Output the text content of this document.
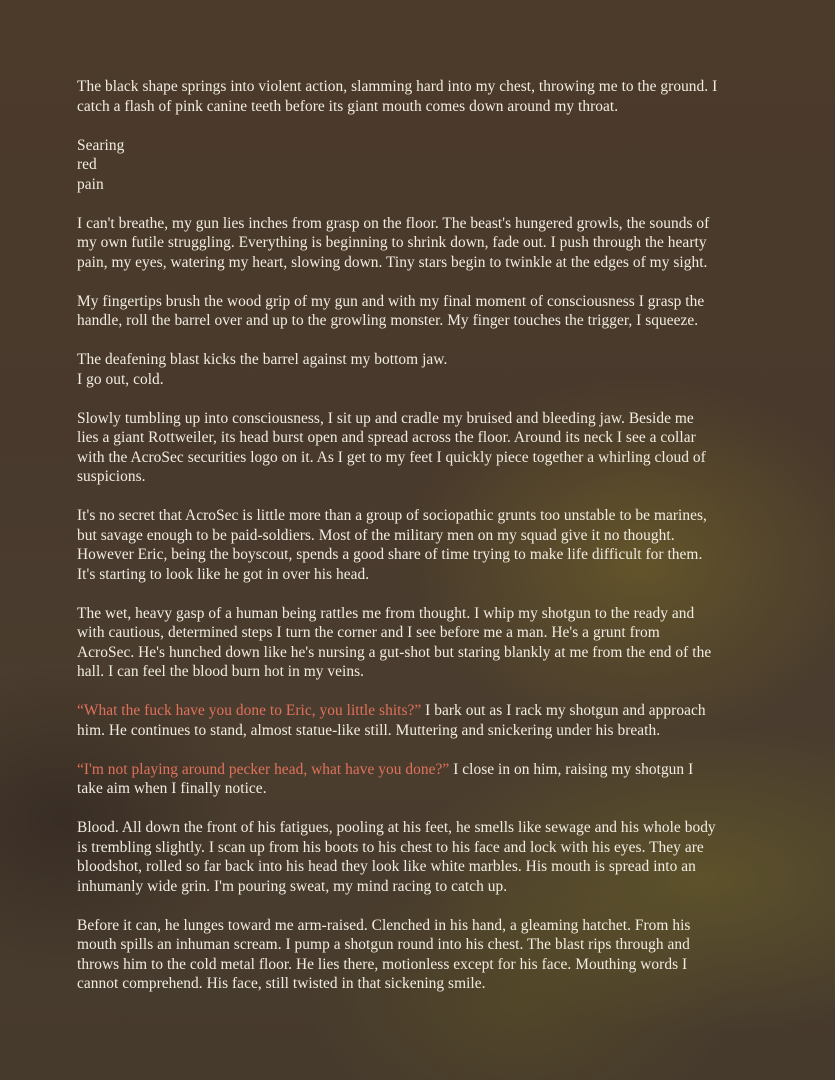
The black shape springs into violent action, slamming hard into my chest, throwing me to the ground. I
catch a flash of pink canine teeth before its giant mouth comes down around my throat.

Searing
red
pain

I can't breathe, my gun lies inches from grasp on the floor. The beast's hungered growls, the sounds of
my own futile struggling. Everything is beginning to shrink down, fade out. I push through the hearty
pain, my eyes, watering my heart, slowing down. Tiny stars begin to twinkle at the edges of my sight.

My fingertips brush the wood grip of my gun and with my final moment of consciousness I grasp the
handle, roll the barrel over and up to the growling monster. My finger touches the trigger, I squeeze.

The deafening blast kicks the barrel against my bottom jaw.
I go out, cold.

Slowly tumbling up into consciousness, I sit up and cradle my bruised and bleeding jaw. Beside me
lies a giant Rottweiler, its head burst open and spread across the floor. Around its neck I see a collar
with the AcroSec securities logo on it. As I get to my feet I quickly piece together a whirling cloud of
suspicions.

It's no secret that AcroSec is little more than a group of sociopathic grunts too unstable to be marines,
but savage enough to be paid-soldiers. Most of the military men on my squad give it no thought.
However Eric, being the boyscout, spends a good share of time trying to make life difficult for them.
It's starting to look like he got in over his head.

The wet, heavy gasp of a human being rattles me from thought. I whip my shotgun to the ready and
with cautious, determined steps I turn the corner and I see before me a man. He's a grunt from
AcroSec. He's hunched down like he's nursing a gut-shot but staring blankly at me from the end of the
hall. I can feel the blood burn hot in my veins.

“What the fuck have you done to Eric, you little shits?” I bark out as I rack my shotgun and approach
him. He continues to stand, almost statue-like still. Muttering and snickering under his breath.

“I'm not playing around pecker head, what have you done?” I close in on him, raising my shotgun I
take aim when I finally notice.

Blood. All down the front of his fatigues, pooling at his feet, he smells like sewage and his whole body
is trembling slightly. I scan up from his boots to his chest to his face and lock with his eyes. They are
bloodshot, rolled so far back into his head they look like white marbles. His mouth is spread into an
inhumanly wide grin. I'm pouring sweat, my mind racing to catch up.

Before it can, he lunges toward me arm-raised. Clenched in his hand, a gleaming hatchet. From his
mouth spills an inhuman scream. I pump a shotgun round into his chest. The blast rips through and
throws him to the cold metal floor. He lies there, motionless except for his face. Mouthing words I
cannot comprehend. His face, still twisted in that sickening smile.
